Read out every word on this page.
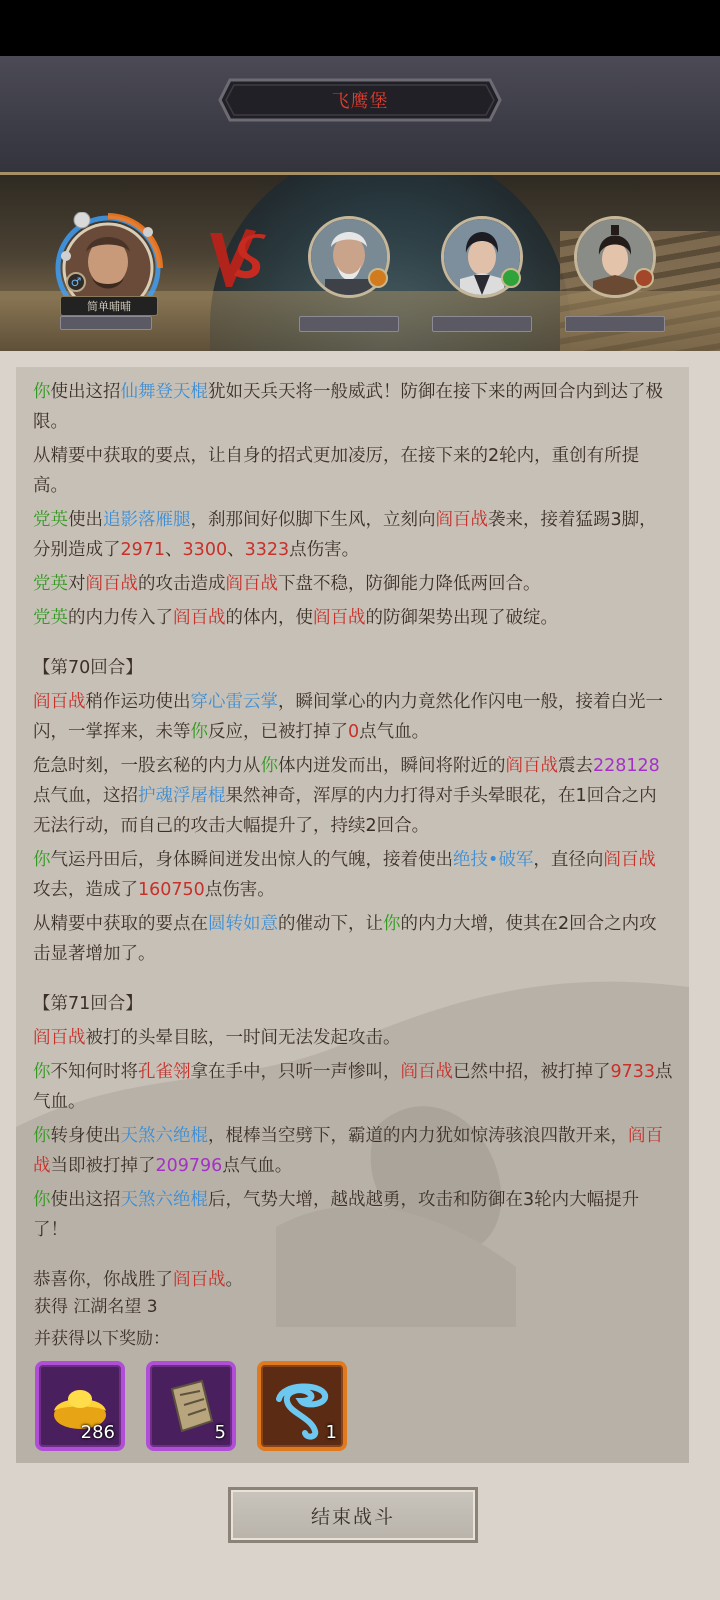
飞鹰堡
♂
简单晡晡

你使出这招仙舞登天棍犹如天兵天将一般威武！防御在接下来的两回合内到达了极限。

从精要中获取的要点，让自身的招式更加凌厉，在接下来的2轮内，重创有所提高。

党英使出追影落雁腿，刹那间好似脚下生风，立刻向阎百战袭来，接着猛踢3脚，分别造成了2971、3300、3323点伤害。

党英对阎百战的攻击造成阎百战下盘不稳，防御能力降低两回合。

党英的内力传入了阎百战的体内，使阎百战的防御架势出现了破绽。

【第70回合】

阎百战稍作运功使出穿心雷云掌，瞬间掌心的内力竟然化作闪电一般，接着白光一闪，一掌挥来，未等你反应，已被打掉了0点气血。

危急时刻，一股玄秘的内力从你体内迸发而出，瞬间将附近的阎百战震去228128点气血，这招护魂浮屠棍果然神奇，浑厚的内力打得对手头晕眼花，在1回合之内无法行动，而自己的攻击大幅提升了，持续2回合。

你气运丹田后，身体瞬间迸发出惊人的气魄，接着使出绝技•破军，直径向阎百战攻去，造成了160750点伤害。

从精要中获取的要点在圆转如意的催动下，让你的内力大增，使其在2回合之内攻击显著增加了。

【第71回合】

阎百战被打的头晕目眩，一时间无法发起攻击。

你不知何时将孔雀翎拿在手中，只听一声惨叫，阎百战已然中招，被打掉了9733点气血。

你转身使出天煞六绝棍，棍棒当空劈下，霸道的内力犹如惊涛骇浪四散开来，阎百战当即被打掉了209796点气血。

你使出这招天煞六绝棍后，气势大增，越战越勇，攻击和防御在3轮内大幅提升了！

恭喜你，你战胜了阎百战。

获得 江湖名望 3
并获得以下奖励：
286	5	1
结束战斗
